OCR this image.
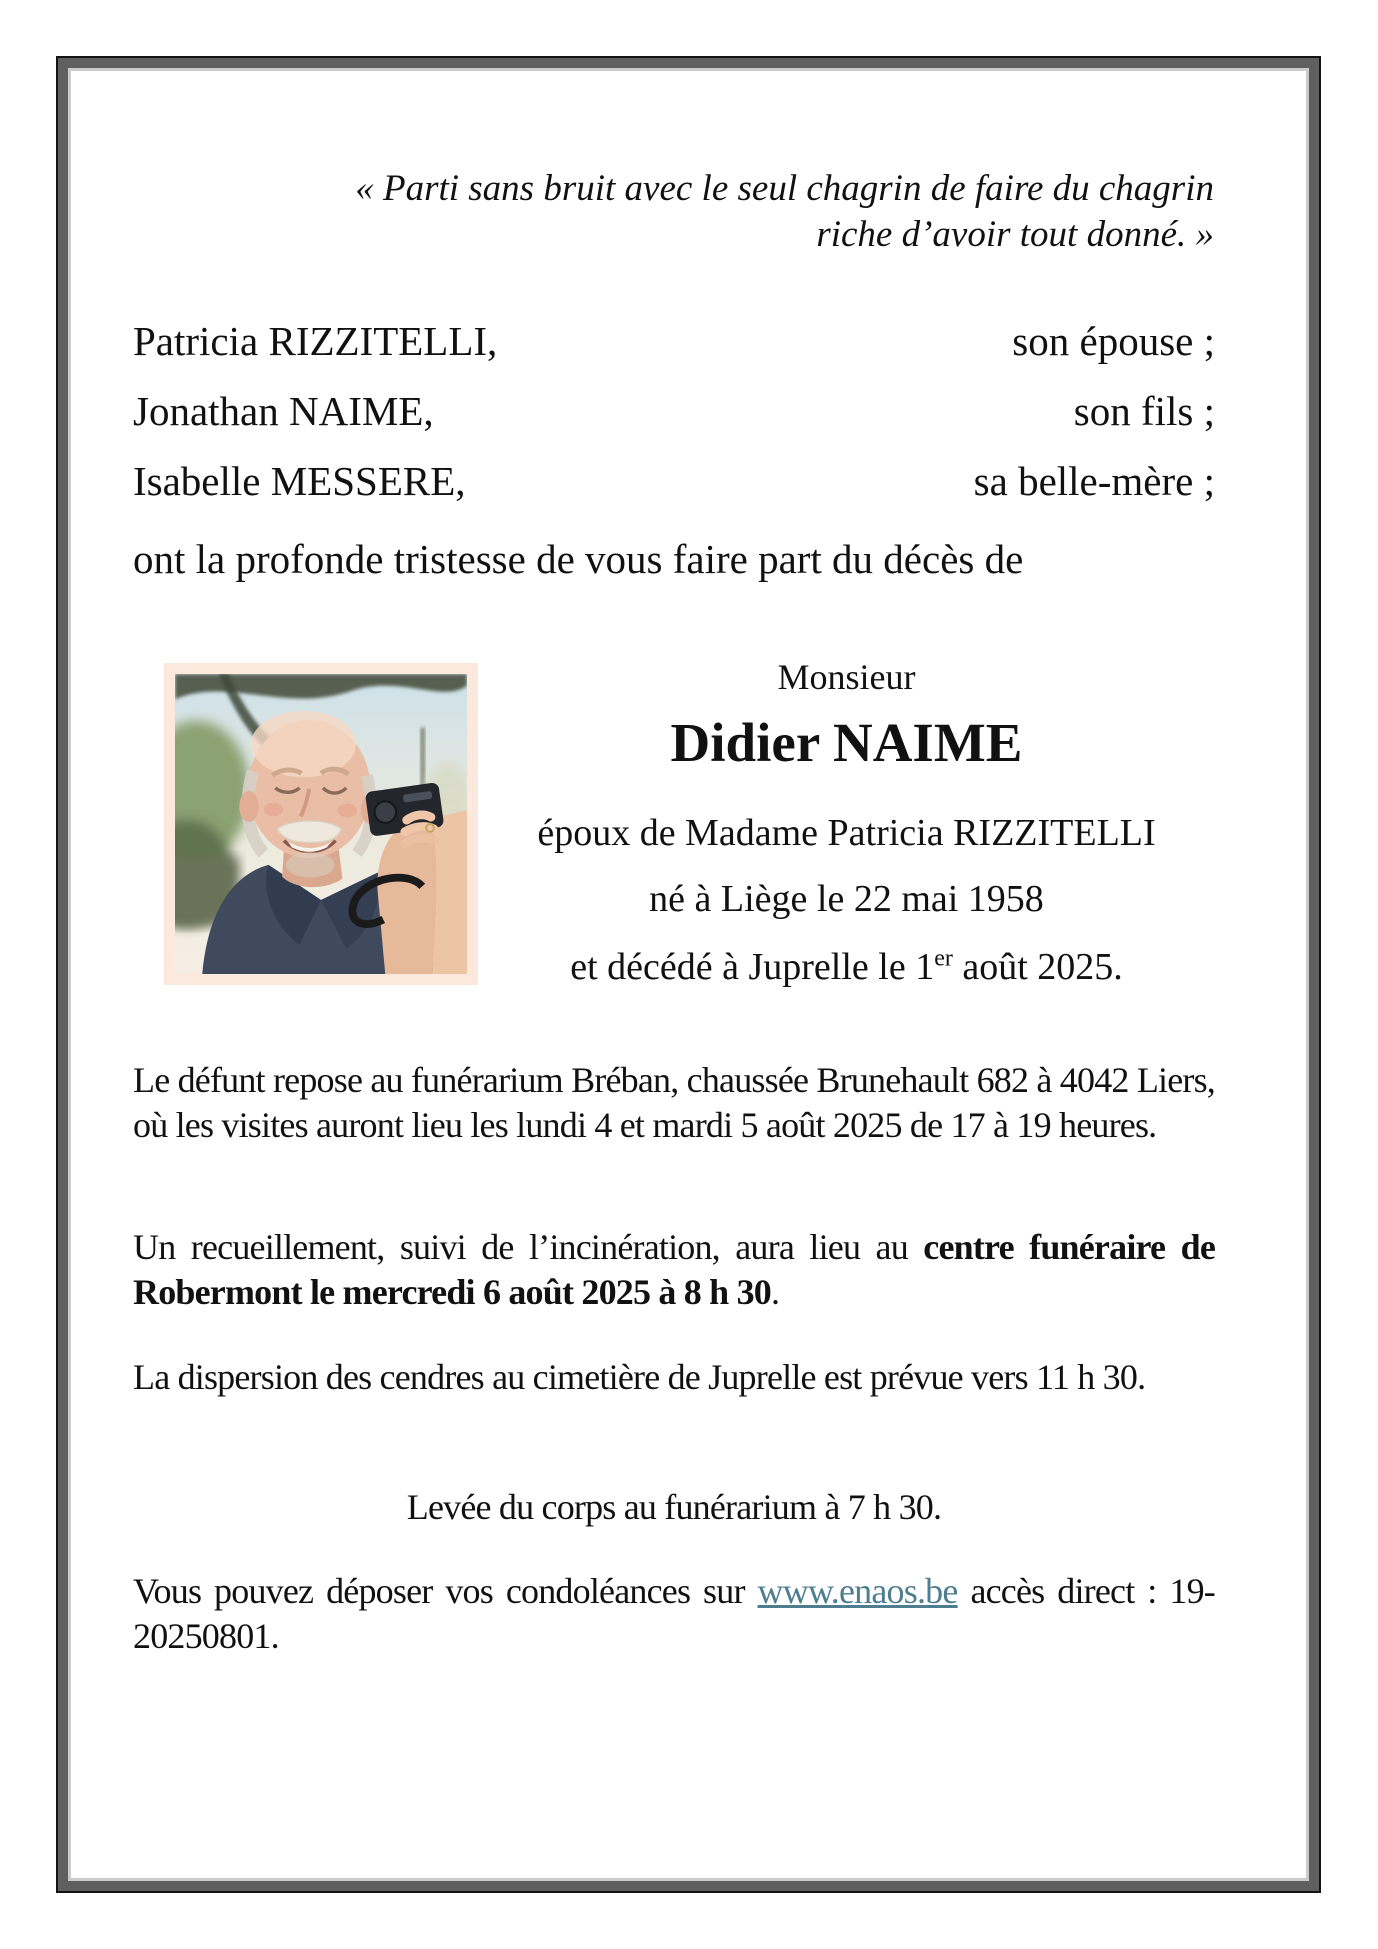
« Parti sans bruit avec le seul chagrin de faire du chagrin
riche d’avoir tout donné. »
Patricia RIZZITELLI,	son épouse ;
Jonathan NAIME,	son fils ;
Isabelle MESSERE,	sa belle-mère ;
ont la profonde tristesse de vous faire part du décès de
Monsieur
Didier NAIME
époux de Madame Patricia RIZZITELLI
né à Liège le 22 mai 1958
et décédé à Juprelle le 1er août 2025.
Le défunt repose au funérarium Bréban, chaussée Brunehault 682 à 4042 Liers, où les visites auront lieu les lundi 4 et mardi 5 août 2025 de 17 à 19 heures.
Un recueillement, suivi de l’incinération, aura lieu au centre funéraire de Robermont le mercredi 6 août 2025 à 8 h 30.
La dispersion des cendres au cimetière de Juprelle est prévue vers 11 h 30.
Levée du corps au funérarium à 7 h 30.
Vous pouvez déposer vos condoléances sur www.enaos.be accès direct : 19-20250801.
